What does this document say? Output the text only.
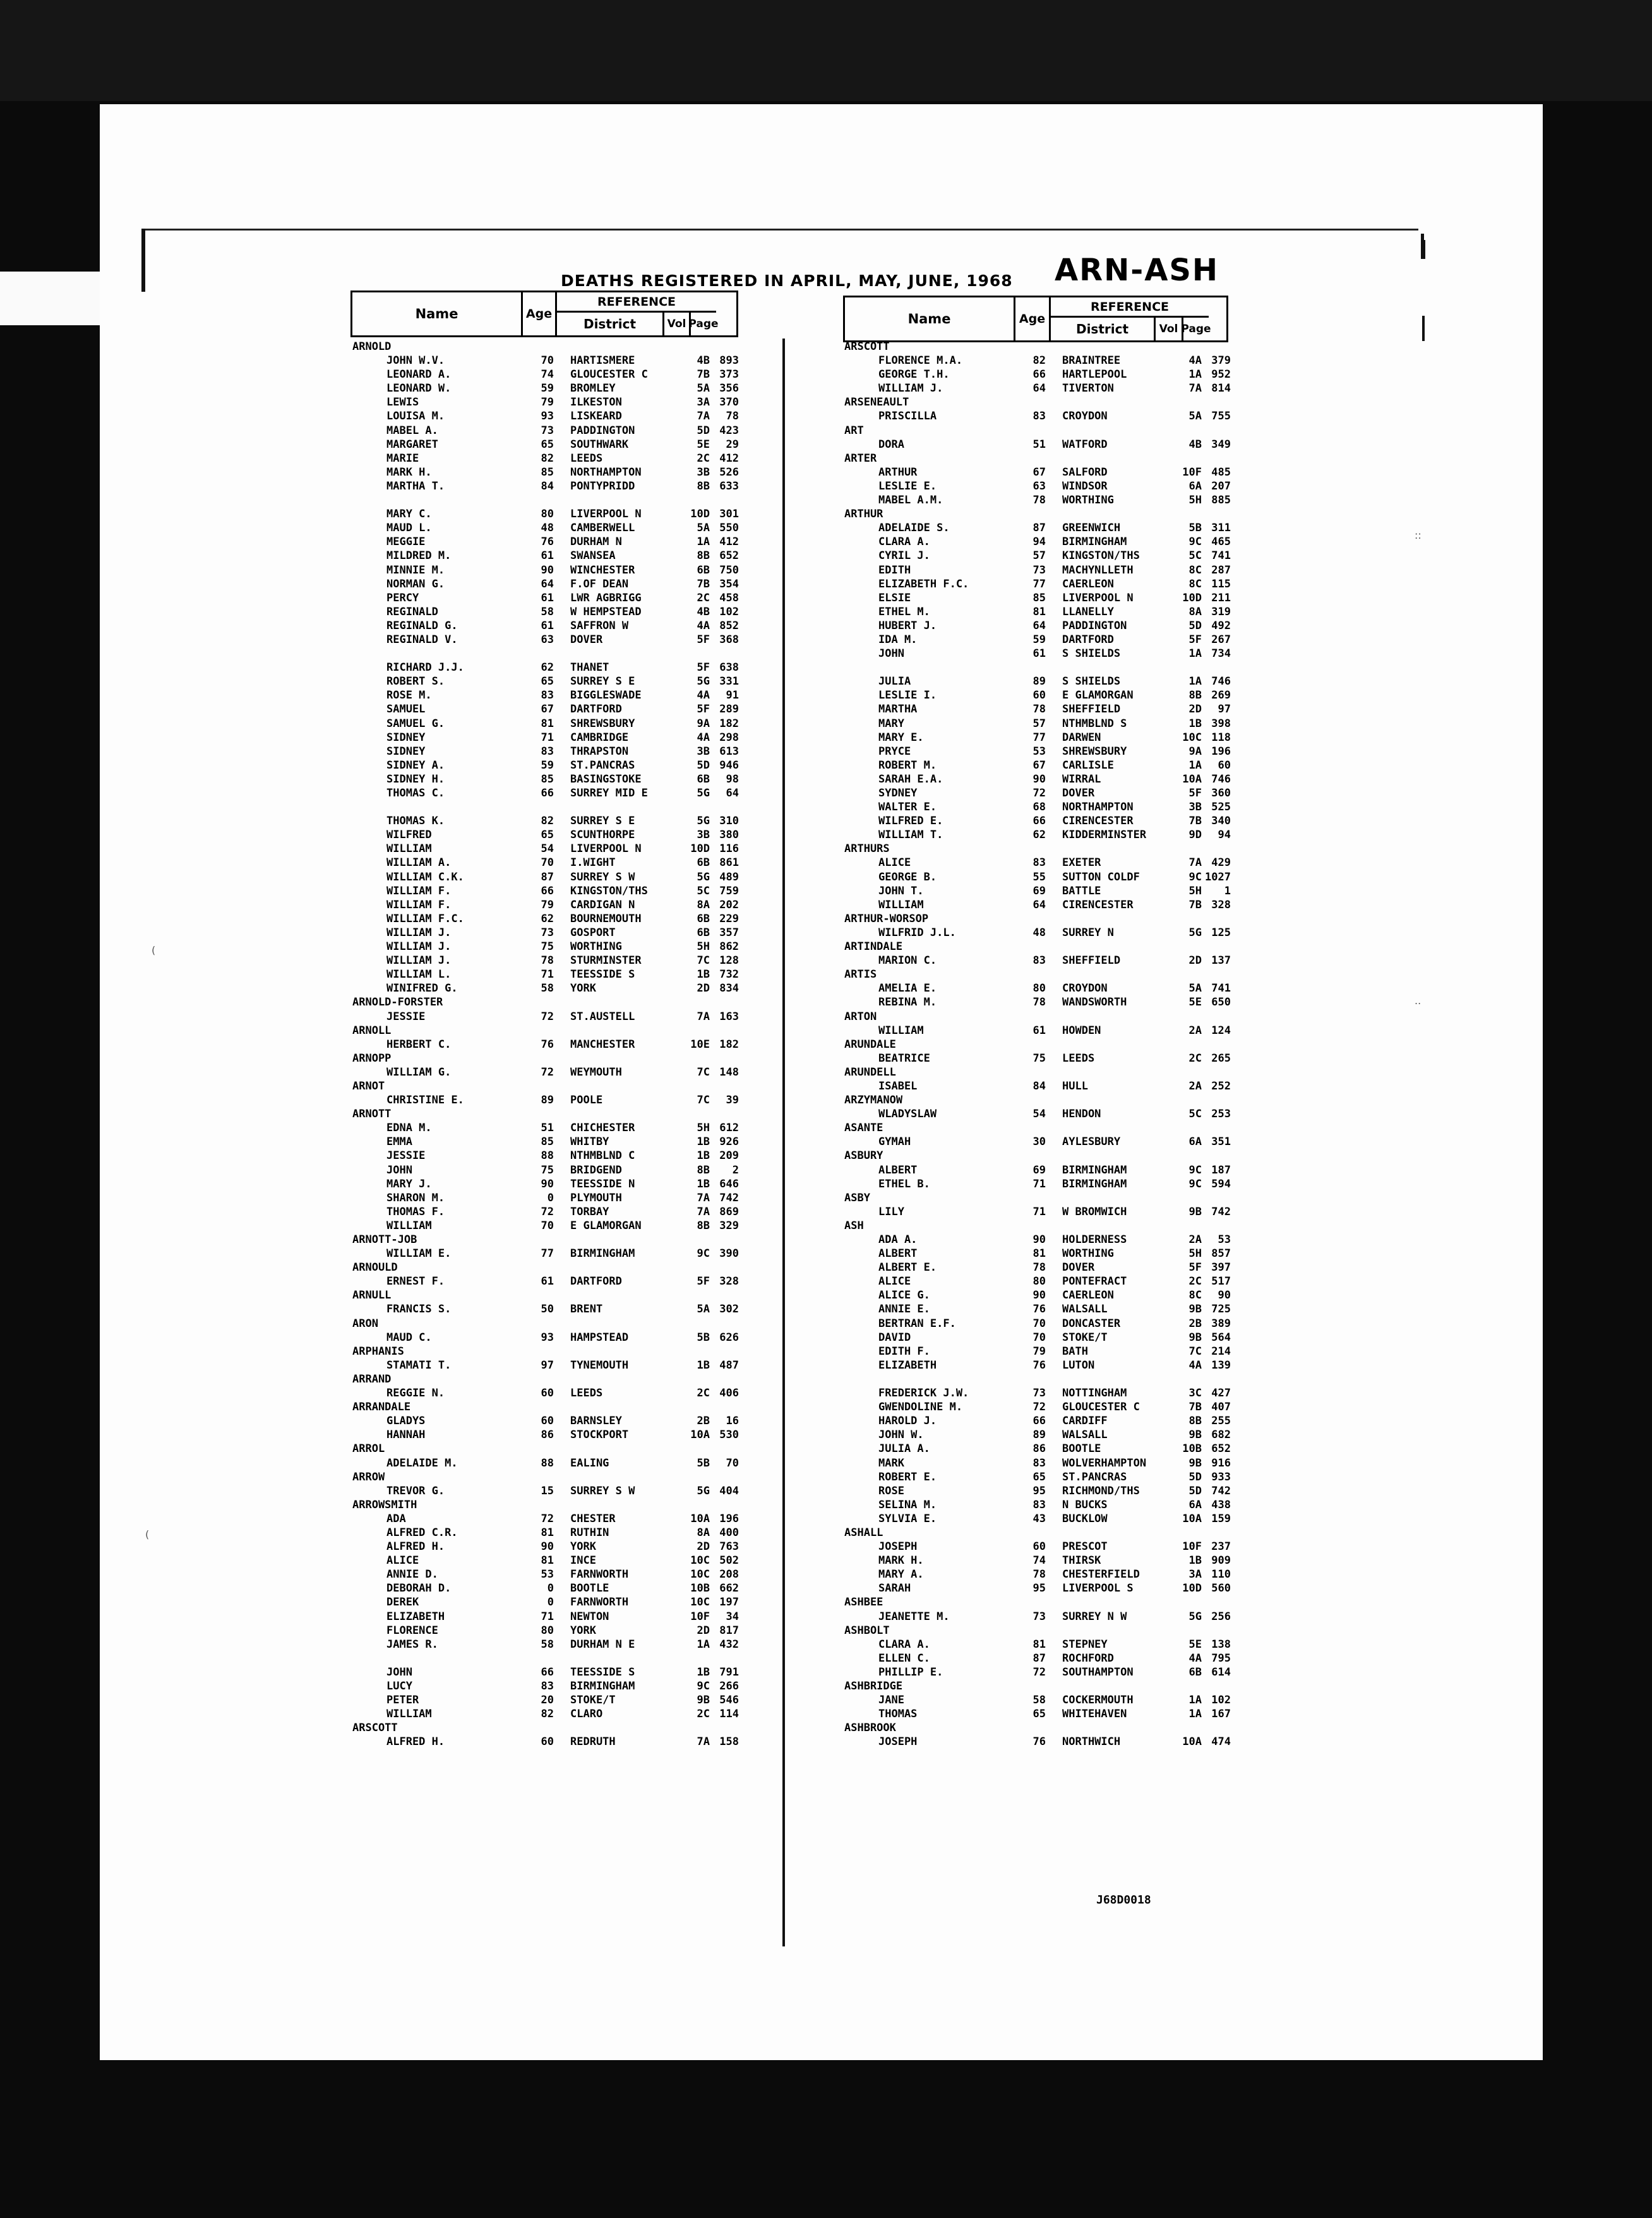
DEATHS REGISTERED IN APRIL, MAY, JUNE, 1968 ARN-ASH
Name	Age
REFERENCE
District	Vol Page	Name	Age
REFERENCE
District	Vol Page
ARNOLD
JOHN W.V.	70 HARTISMERE	4B 893
LEONARD A.	74 GLOUCESTER C	7B 373
LEONARD W.	59 BROMLEY	5A 356
LEWIS	79 ILKESTON	3A 370
LOUISA M.	93 LISKEARD	7A	78
MABEL A.	73 PADDINGTON	5D 423
MARGARET	65 SOUTHWARK	5E	29
MARIE	82 LEEDS	2C 412
MARK H.	85 NORTHAMPTON	3B 526
MARTHA T.	84 PONTYPRIDD	8B 633
MARY C.	80 LIVERPOOL N	10D 301
MAUD L.	48 CAMBERWELL	5A 550
MEGGIE	76 DURHAM N	1A 412
MILDRED M.	61 SWANSEA	8B 652
MINNIE M.	90 WINCHESTER	6B 750
NORMAN G.	64 F.OF DEAN	7B 354
PERCY	61 LWR AGBRIGG	2C 458
REGINALD	58 W HEMPSTEAD	4B 102
REGINALD G.	61 SAFFRON W	4A 852
REGINALD V.	63 DOVER	5F 368
RICHARD J.J.	62 THANET	5F 638
ROBERT S.	65 SURREY S E	5G 331
ROSE M.	83 BIGGLESWADE	4A	91
SAMUEL	67 DARTFORD	5F 289
SAMUEL G.	81 SHREWSBURY	9A 182
SIDNEY	71 CAMBRIDGE	4A 298
SIDNEY	83 THRAPSTON	3B 613
SIDNEY A.	59 ST.PANCRAS	5D 946
SIDNEY H.	85 BASINGSTOKE	6B	98
THOMAS C.	66 SURREY MID E	5G	64
THOMAS K.	82 SURREY S E	5G 310
WILFRED	65 SCUNTHORPE	3B 380
WILLIAM	54 LIVERPOOL N	10D 116
WILLIAM A.	70 I.WIGHT	6B 861
WILLIAM C.K.	87 SURREY S W	5G 489
WILLIAM F.	66 KINGSTON/THS	5C 759
WILLIAM F.	79 CARDIGAN N	8A 202
WILLIAM F.C.	62 BOURNEMOUTH	6B 229
WILLIAM J.	73 GOSPORT	6B 357
WILLIAM J.	75 WORTHING	5H 862
WILLIAM J.	78 STURMINSTER	7C 128
WILLIAM L.	71 TEESSIDE S	1B 732
WINIFRED G.	58 YORK	2D 834
ARNOLD-FORSTER
JESSIE	72 ST.AUSTELL	7A 163
ARNOLL
HERBERT C.	76 MANCHESTER	10E 182
ARNOPP
WILLIAM G.	72 WEYMOUTH	7C 148
ARNOT
CHRISTINE E.	89 POOLE	7C	39
ARNOTT
EDNA M.	51 CHICHESTER	5H 612
EMMA	85 WHITBY	1B 926
JESSIE	88 NTHMBLND C	1B 209
JOHN	75 BRIDGEND	8B	2
MARY J.	90 TEESSIDE N	1B 646
SHARON M.	0 PLYMOUTH	7A 742
THOMAS F.	72 TORBAY	7A 869
WILLIAM	70 E GLAMORGAN	8B 329
ARNOTT-JOB
WILLIAM E.	77 BIRMINGHAM	9C 390
ARNOULD
ERNEST F.	61 DARTFORD	5F 328
ARNULL
FRANCIS S.	50 BRENT	5A 302
ARON
MAUD C.	93 HAMPSTEAD	5B 626
ARPHANIS
STAMATI T.	97 TYNEMOUTH	1B 487
ARRAND
REGGIE N.	60 LEEDS	2C 406
ARRANDALE
GLADYS	60 BARNSLEY	2B	16
HANNAH	86 STOCKPORT	10A 530
ARROL
ADELAIDE M.	88 EALING	5B	70
ARROW
TREVOR G.	15 SURREY S W	5G 404
ARROWSMITH
ADA	72 CHESTER	10A 196
ALFRED C.R.	81 RUTHIN	8A 400
ALFRED H.	90 YORK	2D 763
ALICE	81 INCE	10C 502
ANNIE D.	53 FARNWORTH	10C 208
DEBORAH D.	0 BOOTLE	10B 662
DEREK	0 FARNWORTH	10C 197
ELIZABETH	71 NEWTON	10F	34
FLORENCE	80 YORK	2D 817
JAMES R.	58 DURHAM N E	1A 432
JOHN	66 TEESSIDE S	1B 791
LUCY	83 BIRMINGHAM	9C 266
PETER	20 STOKE/T	9B 546
WILLIAM	82 CLARO	2C 114
ARSCOTT
ALFRED H.	60 REDRUTH	7A 158
ARSCOTT
FLORENCE M.A.	82 BRAINTREE	4A 379
GEORGE T.H.	66 HARTLEPOOL	1A 952
WILLIAM J.	64 TIVERTON	7A 814
ARSENEAULT
PRISCILLA	83 CROYDON	5A 755
ART
DORA	51 WATFORD	4B 349
ARTER
ARTHUR	67 SALFORD	10F 485
LESLIE E.	63 WINDSOR	6A 207
MABEL A.M.	78 WORTHING	5H 885
ARTHUR
ADELAIDE S.	87 GREENWICH	5B 311
CLARA A.	94 BIRMINGHAM	9C 465
CYRIL J.	57 KINGSTON/THS	5C 741
EDITH	73 MACHYNLLETH	8C 287
ELIZABETH F.C.	77 CAERLEON	8C 115
ELSIE	85 LIVERPOOL N	10D 211
ETHEL M.	81 LLANELLY	8A 319
HUBERT J.	64 PADDINGTON	5D 492
IDA M.	59 DARTFORD	5F 267
JOHN	61 S SHIELDS	1A 734
JULIA	89 S SHIELDS	1A 746
LESLIE I.	60 E GLAMORGAN	8B 269
MARTHA	78 SHEFFIELD	2D	97
MARY	57 NTHMBLND S	1B 398
MARY E.	77 DARWEN	10C 118
PRYCE	53 SHREWSBURY	9A 196
ROBERT M.	67 CARLISLE	1A	60
SARAH E.A.	90 WIRRAL	10A 746
SYDNEY	72 DOVER	5F 360
WALTER E.	68 NORTHAMPTON	3B 525
WILFRED E.	66 CIRENCESTER	7B 340
WILLIAM T.	62 KIDDERMINSTER	9D	94
ARTHURS
ALICE	83 EXETER	7A 429
GEORGE B.	55 SUTTON COLDF	9C 1027
JOHN T.	69 BATTLE	5H	1
WILLIAM	64 CIRENCESTER	7B 328
ARTHUR-WORSOP
WILFRID J.L.	48 SURREY N	5G 125
ARTINDALE
MARION C.	83 SHEFFIELD	2D 137
ARTIS
AMELIA E.	80 CROYDON	5A 741
REBINA M.	78 WANDSWORTH	5E 650
ARTON
WILLIAM	61 HOWDEN	2A 124
ARUNDALE
BEATRICE	75 LEEDS	2C 265
ARUNDELL
ISABEL	84 HULL	2A 252
ARZYMANOW
WLADYSLAW	54 HENDON	5C 253
ASANTE
GYMAH	30 AYLESBURY	6A 351
ASBURY
ALBERT	69 BIRMINGHAM	9C 187
ETHEL B.	71 BIRMINGHAM	9C 594
ASBY
LILY	71 W BROMWICH	9B 742
ASH
ADA A.	90 HOLDERNESS	2A	53
ALBERT	81 WORTHING	5H 857
ALBERT E.	78 DOVER	5F 397
ALICE	80 PONTEFRACT	2C 517
ALICE G.	90 CAERLEON	8C	90
ANNIE E.	76 WALSALL	9B 725
BERTRAN E.F.	70 DONCASTER	2B 389
DAVID	70 STOKE/T	9B 564
EDITH F.	79 BATH	7C 214
ELIZABETH	76 LUTON	4A 139
FREDERICK J.W.	73 NOTTINGHAM	3C 427
GWENDOLINE M.	72 GLOUCESTER C	7B 407
HAROLD J.	66 CARDIFF	8B 255
JOHN W.	89 WALSALL	9B 682
JULIA A.	86 BOOTLE	10B 652
MARK	83 WOLVERHAMPTON	9B 916
ROBERT E.	65 ST.PANCRAS	5D 933
ROSE	95 RICHMOND/THS	5D 742
SELINA M.	83 N BUCKS	6A 438
SYLVIA E.	43 BUCKLOW	10A 159
ASHALL
JOSEPH	60 PRESCOT	10F 237
MARK H.	74 THIRSK	1B 909
MARY A.	78 CHESTERFIELD	3A 110
SARAH	95 LIVERPOOL S	10D 560
ASHBEE
JEANETTE M.	73 SURREY N W	5G 256
ASHBOLT
CLARA A.	81 STEPNEY	5E 138
ELLEN C.	87 ROCHFORD	4A 795
PHILLIP E.	72 SOUTHAMPTON	6B 614
ASHBRIDGE
JANE	58 COCKERMOUTH	1A 102
THOMAS	65 WHITEHAVEN	1A 167
ASHBROOK
JOSEPH	76 NORTHWICH	10A 474
J68D0018
::
..
(
(
